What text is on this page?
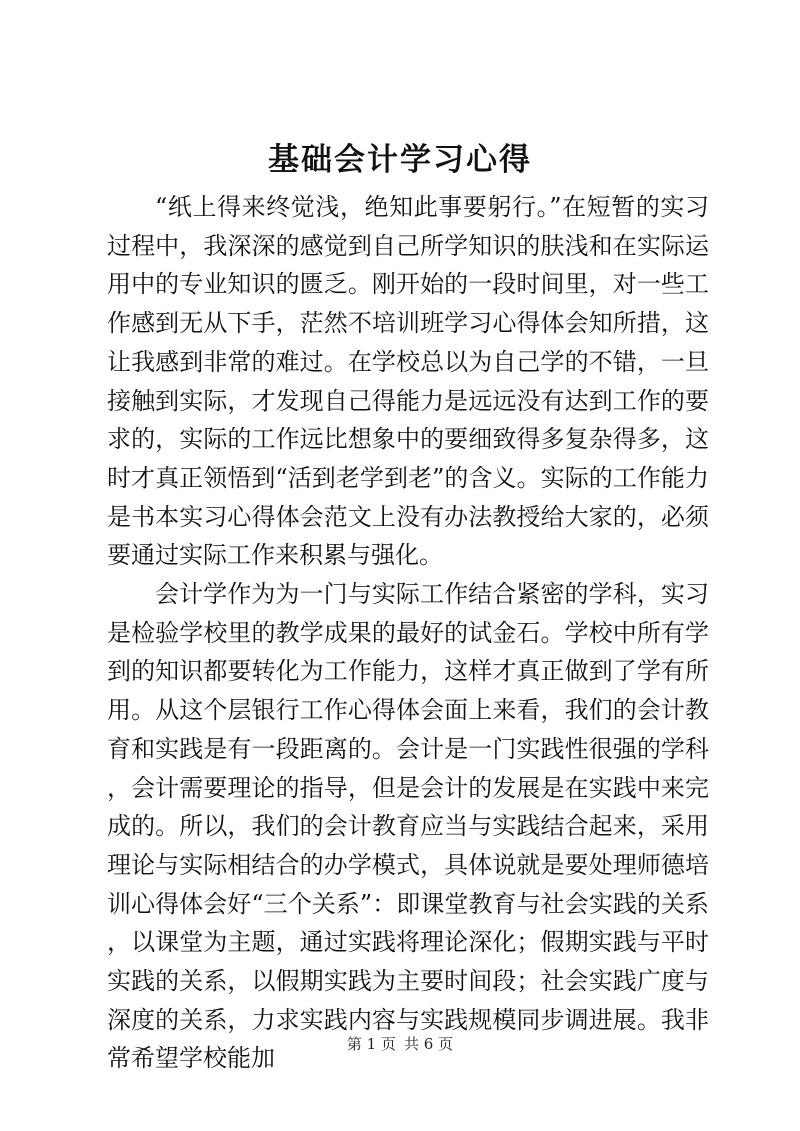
基础会计学习心得

“纸上得来终觉浅，绝知此事要躬行。”在短暂的实习过程中，我深深的感觉到自己所学知识的肤浅和在实际运用中的专业知识的匮乏。刚开始的一段时间里，对一些工作感到无从下手，茫然不培训班学习心得体会知所措，这让我感到非常的难过。在学校总以为自己学的不错，一旦接触到实际，才发现自己得能力是远远没有达到工作的要求的，实际的工作远比想象中的要细致得多复杂得多，这时才真正领悟到“活到老学到老”的含义。实际的工作能力是书本实习心得体会范文上没有办法教授给大家的，必须要通过实际工作来积累与强化。

会计学作为为一门与实际工作结合紧密的学科，实习是检验学校里的教学成果的最好的试金石。学校中所有学到的知识都要转化为工作能力，这样才真正做到了学有所用。从这个层银行工作心得体会面上来看，我们的会计教育和实践是有一段距离的。会计是一门实践性很强的学科，会计需要理论的指导，但是会计的发展是在实践中来完成的。所以，我们的会计教育应当与实践结合起来，采用理论与实际相结合的办学模式，具体说就是要处理师德培训心得体会好“三个关系”：即课堂教育与社会实践的关系，以课堂为主题，通过实践将理论深化；假期实践与平时实践的关系，以假期实践为主要时间段；社会实践广度与深度的关系，力求实践内容与实践规模同步调进展。我非常希望学校能加

第 1 页 共 6 页
